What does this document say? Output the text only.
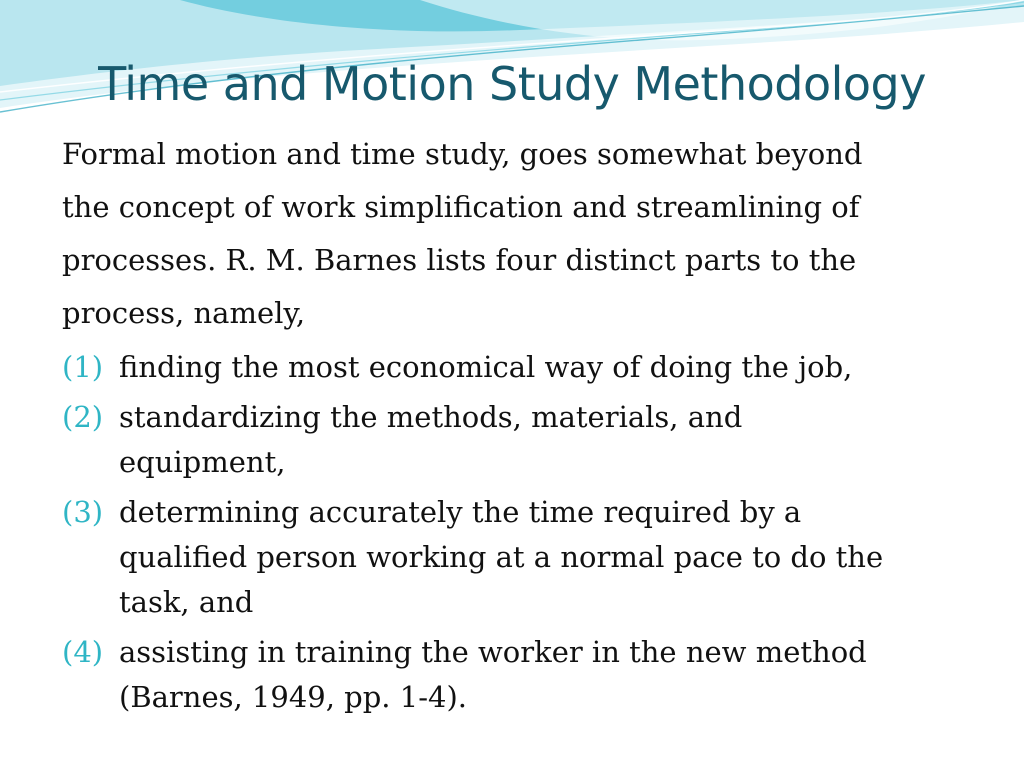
Time and Motion Study Methodology

Formal motion and time study, goes somewhat beyond

the concept of work simplification and streamlining of

processes. R. M. Barnes lists four distinct parts to the

process, namely,

(1) finding the most economical way of doing the job,
(2) standardizing the methods, materials, and
equipment,
(3) determining accurately the time required by a
qualified person working at a normal pace to do the
task, and
(4) assisting in training the worker in the new method
(Barnes, 1949, pp. 1-4).
